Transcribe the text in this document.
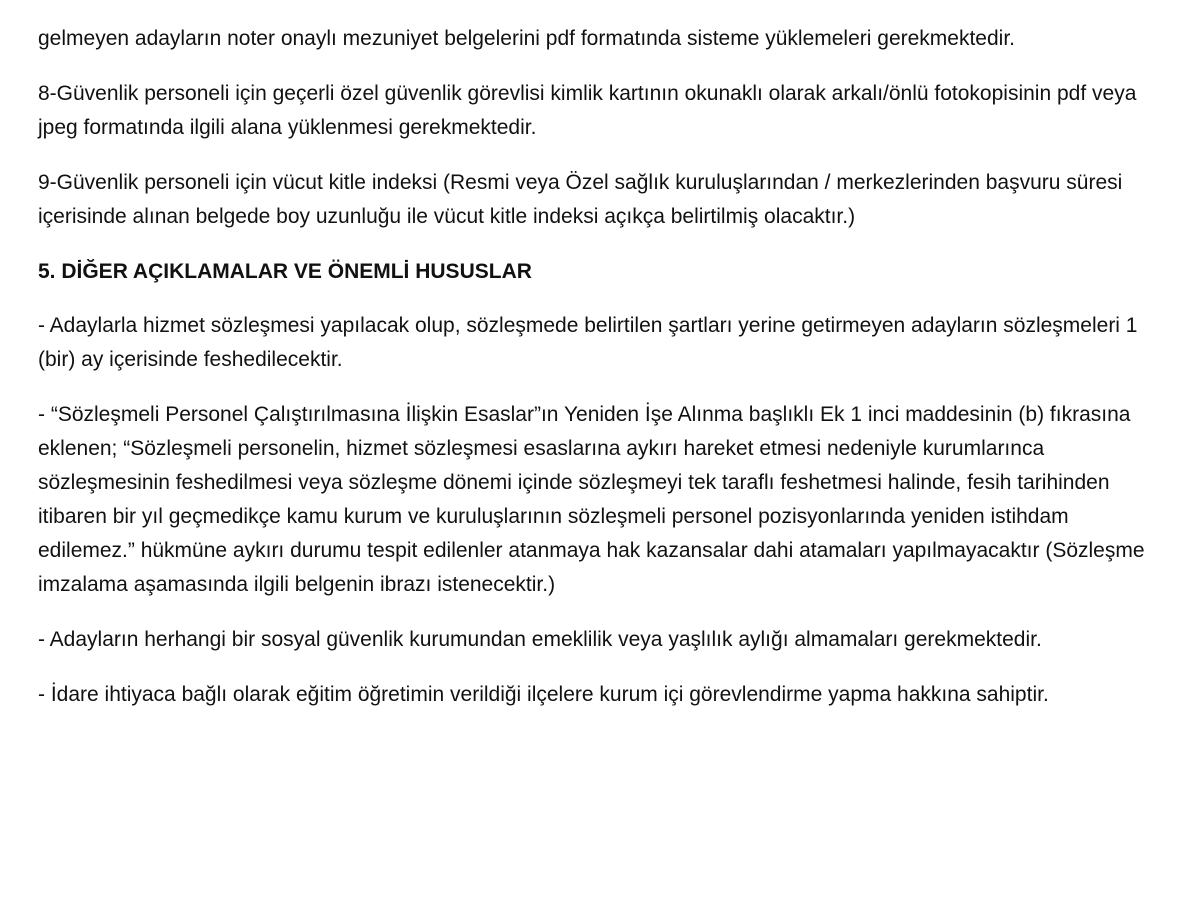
gelmeyen adayların noter onaylı mezuniyet belgelerini pdf formatında sisteme yüklemeleri gerekmektedir.

8-Güvenlik personeli için geçerli özel güvenlik görevlisi kimlik kartının okunaklı olarak arkalı/önlü fotokopisinin pdf veya jpeg formatında ilgili alana yüklenmesi gerekmektedir.

9-Güvenlik personeli için vücut kitle indeksi (Resmi veya Özel sağlık kuruluşlarından / merkezlerinden başvuru süresi içerisinde alınan belgede boy uzunluğu ile vücut kitle indeksi açıkça belirtilmiş olacaktır.)

5. DİĞER AÇIKLAMALAR VE ÖNEMLİ HUSUSLAR

- Adaylarla hizmet sözleşmesi yapılacak olup, sözleşmede belirtilen şartları yerine getirmeyen adayların sözleşmeleri 1 (bir) ay içerisinde feshedilecektir.

- “Sözleşmeli Personel Çalıştırılmasına İlişkin Esaslar”ın Yeniden İşe Alınma başlıklı Ek 1 inci maddesinin (b) fıkrasına eklenen; “Sözleşmeli personelin, hizmet sözleşmesi esaslarına aykırı hareket etmesi nedeniyle kurumlarınca sözleşmesinin feshedilmesi veya sözleşme dönemi içinde sözleşmeyi tek taraflı feshetmesi halinde, fesih tarihinden itibaren bir yıl geçmedikçe kamu kurum ve kuruluşlarının sözleşmeli personel pozisyonlarında yeniden istihdam edilemez.” hükmüne aykırı durumu tespit edilenler atanmaya hak kazansalar dahi atamaları yapılmayacaktır (Sözleşme imzalama aşamasında ilgili belgenin ibrazı istenecektir.)

- Adayların herhangi bir sosyal güvenlik kurumundan emeklilik veya yaşlılık aylığı almamaları gerekmektedir.

- İdare ihtiyaca bağlı olarak eğitim öğretimin verildiği ilçelere kurum içi görevlendirme yapma hakkına sahiptir.
